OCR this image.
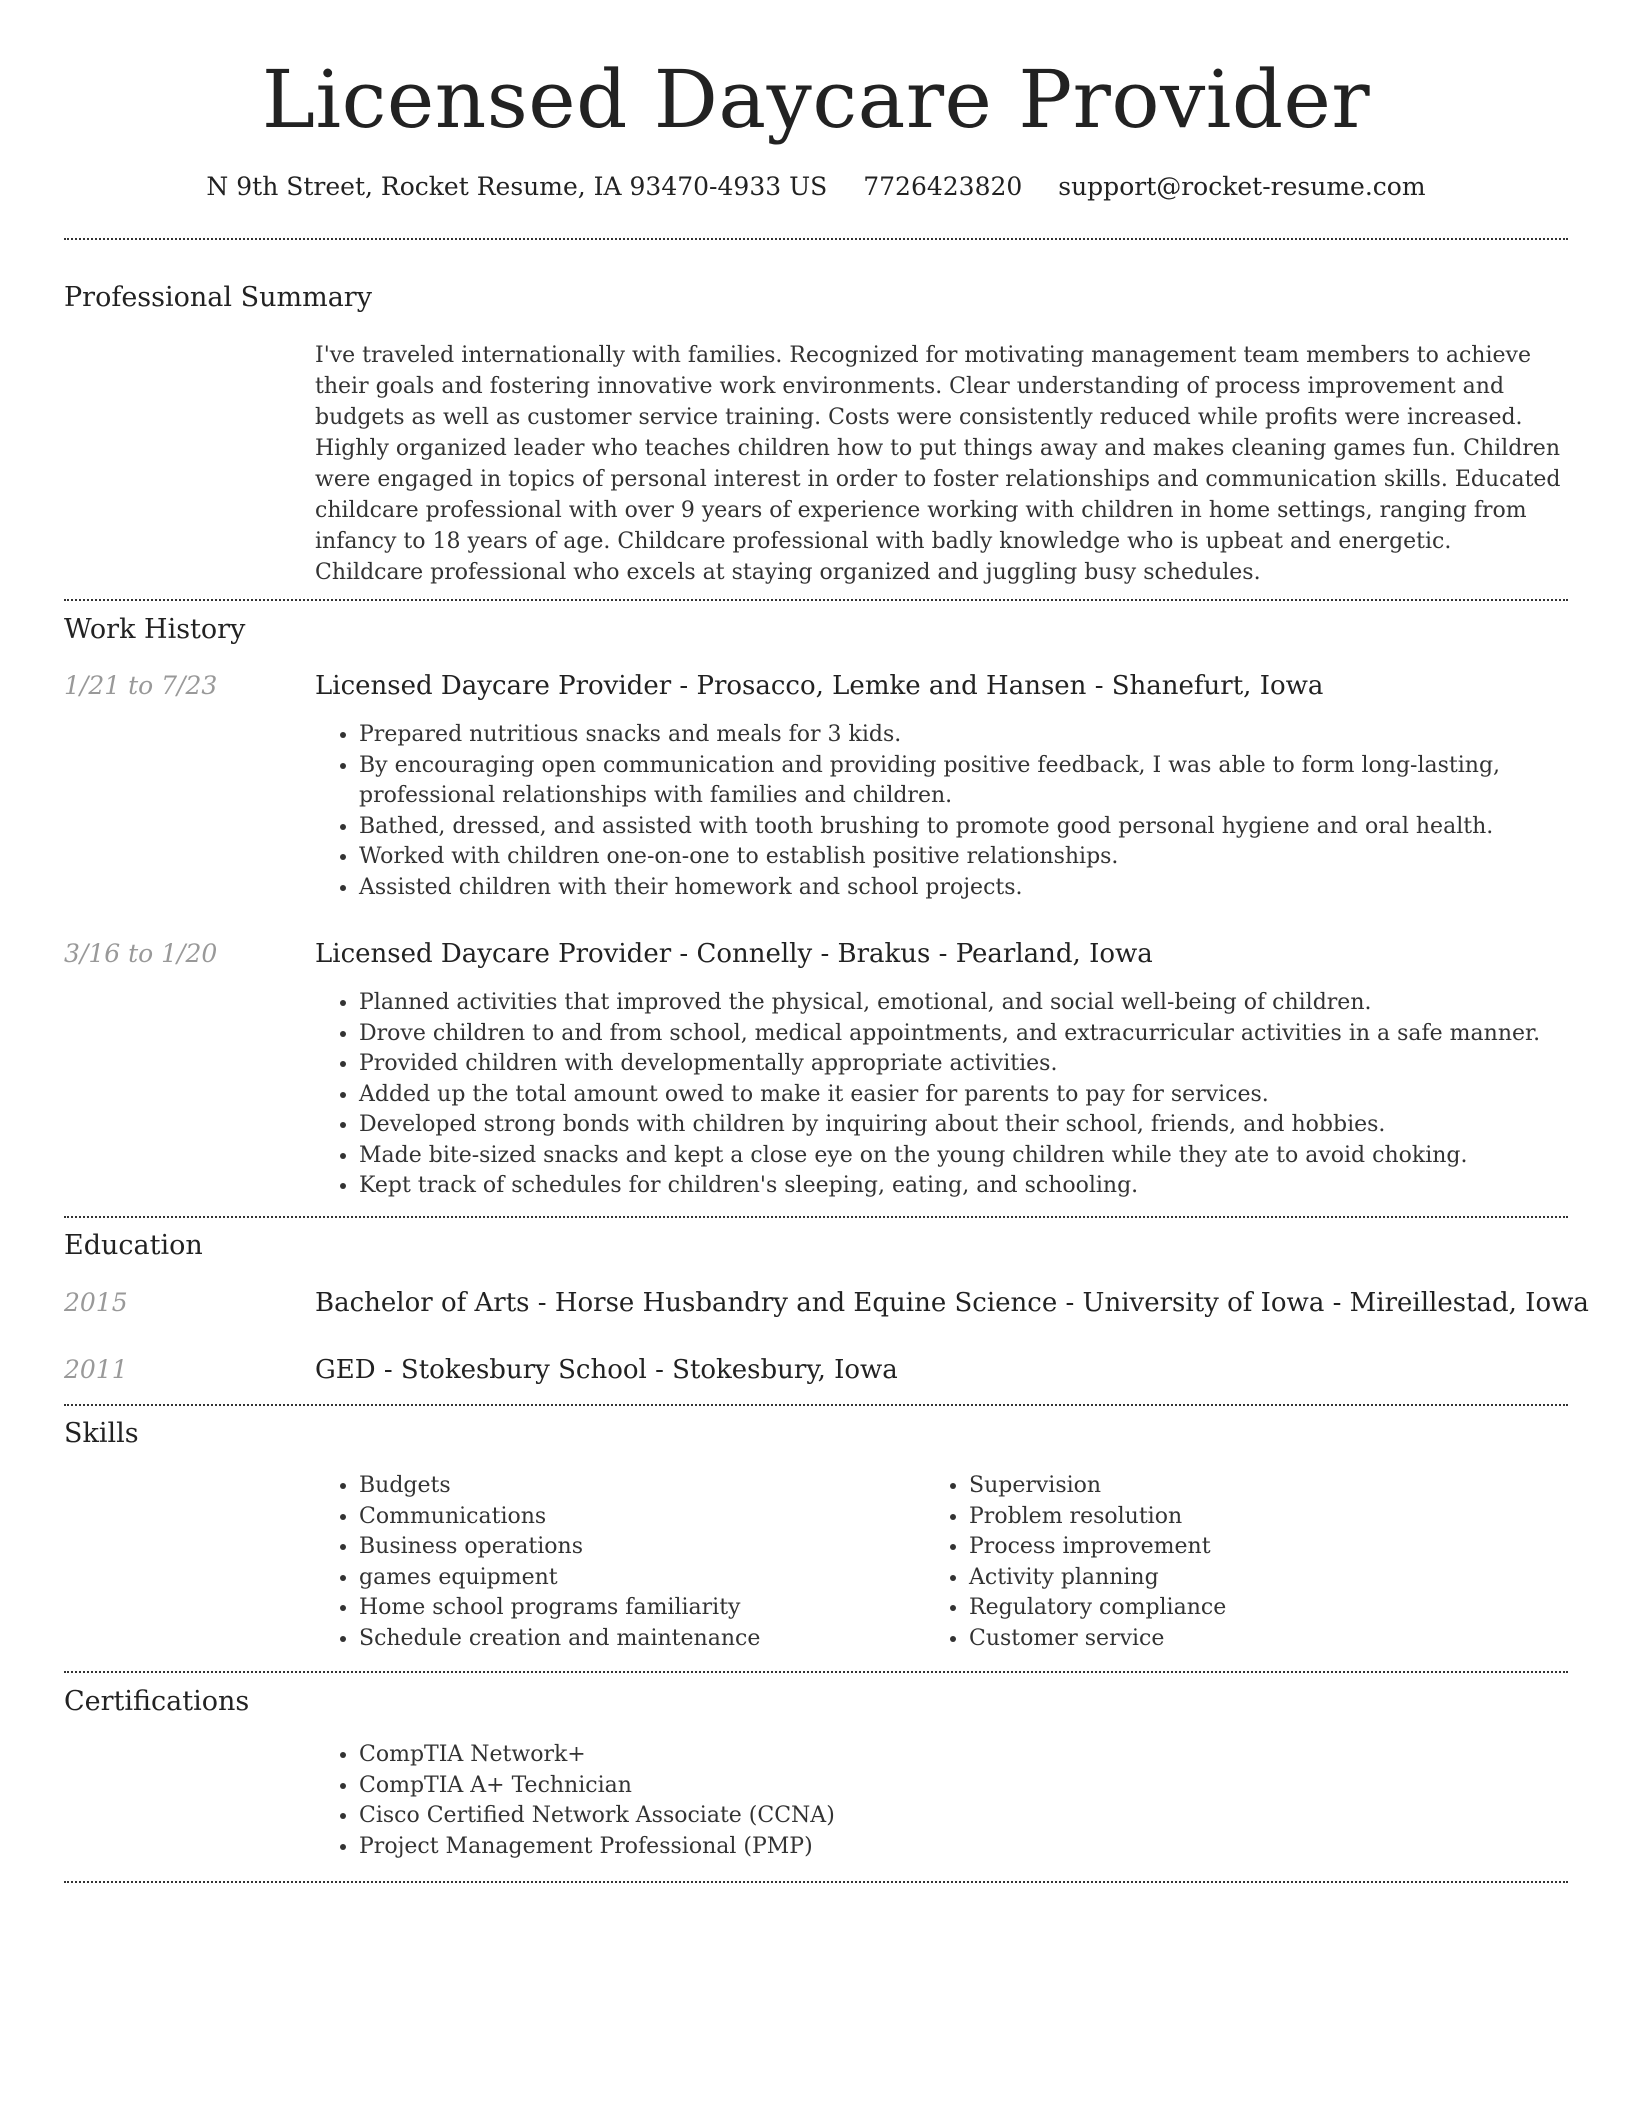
Licensed Daycare Provider
N 9th Street, Rocket Resume, IA 93470-4933 US 7726423820 support@rocket-resume.com
Professional Summary
I've traveled internationally with families. Recognized for motivating management team members to achieve their goals and fostering innovative work environments. Clear understanding of process improvement and budgets as well as customer service training. Costs were consistently reduced while profits were increased. Highly organized leader who teaches children how to put things away and makes cleaning games fun. Children were engaged in topics of personal interest in order to foster relationships and communication skills. Educated childcare professional with over 9 years of experience working with children in home settings, ranging from infancy to 18 years of age. Childcare professional with badly knowledge who is upbeat and energetic. Childcare professional who excels at staying organized and juggling busy schedules.
Work History
1/21 to 7/23	Licensed Daycare Provider - Prosacco, Lemke and Hansen - Shanefurt, Iowa
• Prepared nutritious snacks and meals for 3 kids.
• By encouraging open communication and providing positive feedback, I was able to form long-lasting, professional relationships with families and children.
• Bathed, dressed, and assisted with tooth brushing to promote good personal hygiene and oral health.
• Worked with children one-on-one to establish positive relationships.
• Assisted children with their homework and school projects.
3/16 to 1/20	Licensed Daycare Provider - Connelly - Brakus - Pearland, Iowa
• Planned activities that improved the physical, emotional, and social well-being of children.
• Drove children to and from school, medical appointments, and extracurricular activities in a safe manner.
• Provided children with developmentally appropriate activities.
• Added up the total amount owed to make it easier for parents to pay for services.
• Developed strong bonds with children by inquiring about their school, friends, and hobbies.
• Made bite-sized snacks and kept a close eye on the young children while they ate to avoid choking.
• Kept track of schedules for children's sleeping, eating, and schooling.
Education
2015	Bachelor of Arts - Horse Husbandry and Equine Science - University of Iowa - Mireillestad, Iowa
2011	GED - Stokesbury School - Stokesbury, Iowa
Skills
• Budgets
• Communications
• Business operations
• games equipment
• Home school programs familiarity
• Schedule creation and maintenance
• Supervision
• Problem resolution
• Process improvement
• Activity planning
• Regulatory compliance
• Customer service
Certifications
• CompTIA Network+
• CompTIA A+ Technician
• Cisco Certified Network Associate (CCNA)
• Project Management Professional (PMP)
